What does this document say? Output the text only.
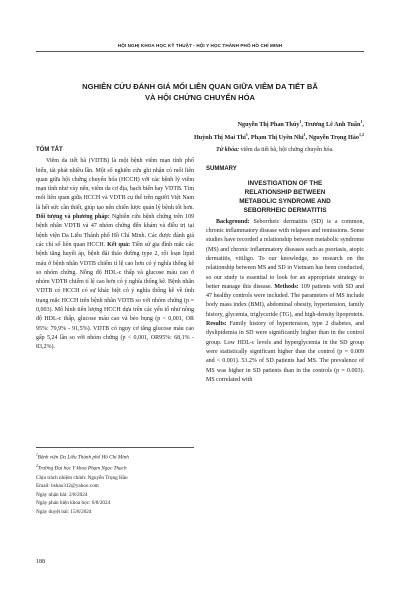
HỘI NGHỊ KHOA HỌC KỸ THUẬT - HỘI Y HỌC THÀNH PHỐ HỒ CHÍ MINH
NGHIÊN CỨU ĐÁNH GIÁ MỐI LIÊN QUAN GIỮA VIÊM DA TIẾT BÃ
VÀ HỘI CHỨNG CHUYỂN HÓA
Nguyễn Thị Phan Thúy$^1$, Trương Lê Anh Tuấn$^1$,
Huỳnh Thị Mai Thi$^1$, Phạm Thị Uyên Nhi$^1$, Nguyễn Trọng Hào$^{1,2}$
TÓM TẮT

Viêm da tiết bã (VDTB) là một bệnh viêm mạn tính phổ biến, tái phát nhiều lần. Một số nghiên cứu ghi nhận có mối liên quan giữa hội chứng chuyển hóa (HCCH) với các bệnh lý viêm mạn tính như vảy nến, viêm da cơ địa, bạch biến hay VDTB. Tìm mối liên quan giữa HCCH và VDTB cụ thể trên người Việt Nam là hết sức cần thiết, giúp tạo nên chiến lược quản lý bệnh tốt hơn. Đối tượng và phương pháp: Nghiên cứu bệnh chứng trên 109 bệnh nhân VDTB và 47 nhóm chứng đến khám và điều trị tại bệnh viện Da Liễu Thành phố Hồ Chí Minh. Các được đánh giá các chỉ số liên quan HCCH. Kết quả: Tiền sử gia đình mắc các bệnh tăng huyết áp, bệnh đái tháo đường type 2, rối loạn lipid máu ở bệnh nhân VDTB chiếm tỉ lệ cao hơn có ý nghĩa thống kê so nhóm chứng. Nồng độ HDL-c thấp và glucose máu cao ở nhóm VDTB chiếm tỉ lệ cao hơn có ý nghĩa thống kê. Bệnh nhân VDTB có HCCH có sự khác biệt có ý nghĩa thống kê về tình trạng mắc HCCH trên bệnh nhân VDTB so với nhóm chứng (p = 0,003). Mô hình tiên lượng HCCH dựa trên các yếu tố như nồng độ HDL-c thấp, glucose máu cao và béo bụng (p < 0,001, OR 95%: 79,9% - 91,5%). VDTB có nguy cơ tăng glucose máu cao gấp 5,24 lần so với nhóm chứng (p < 0,001, OR95%: 68,1% - 83,2%).

Từ khóa: viêm da tiết bã, hội chứng chuyển hóa.

SUMMARY
INVESTIGATION OF THE
RELATIONSHIP BETWEEN
METABOLIC SYNDROME AND
SEBORRHEIC DERMATITIS

Background: Seborrheic dermatitis (SD) is a common, chronic inflammatory disease with relapses and remissions. Some studies have recorded a relationship between metabolic syndrome (MS) and chronic inflammatory diseases such as psoriasis, atopic dermatitis, vitiligo. To our knowledge, no research on the relationship between MS and SD in Vietnam has been conducted, so our study is essential to look for an appropriate strategy to better manage this disease. Methods: 109 patients with SD and 47 healthy controls were included. The parameters of MS include body mass index (BMI), abdominal obesity, hypertension, family history, glycemia, triglyceride (TG), and high-density lipoprotein. Results: Family history of hypertension, type 2 diabetes, and dyslipidemia in SD were significantly higher than in the control group. Low HDL-c levels and hyperglycemia in the SD group were statistically significant higher than the control (p = 0.009 and < 0.001). 53.2% of SD patients had MS. The prevalence of MS was higher in SD patients than in the controls (p = 0.003). MS correlated with

$^1$Bệnh viện Da Liễu Thành phố Hồ Chí Minh
$^2$Trường Đại học Y khoa Phạm Ngọc Thạch
Chịu trách nhiệm chính: Nguyễn Trọng Hào
Email: bshao312@yahoo.com
Ngày nhận bài: 2/8/2024
Ngày phản biện khoa học: 6/8/2024
Ngày duyệt bài: 15/8/2024
188
